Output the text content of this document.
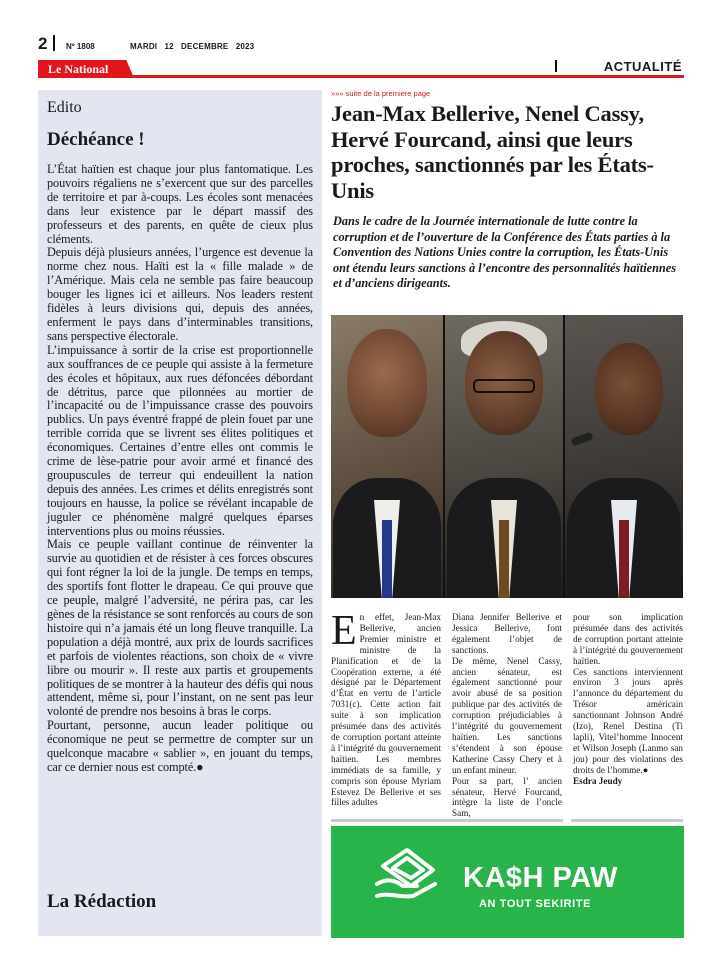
2 Nº 1808	MARDI   12   DECEMBRE   2023
Le National	ACTUALITÉ
Edito
Déchéance !

L’État haïtien est chaque jour plus fantomatique. Les pouvoirs régaliens ne s’exercent que sur des parcelles de territoire et par à-coups. Les écoles sont menacées dans leur existence par le départ massif des professeurs et des parents, en quête de cieux plus cléments.

Depuis déjà plusieurs années, l’urgence est devenue la norme chez nous. Haïti est la « fille malade » de l’Amérique. Mais cela ne semble pas faire beaucoup bouger les lignes ici et ailleurs. Nos leaders restent fidèles à leurs divisions qui, depuis des années, enferment le pays dans d’interminables transitions, sans perspective électorale.

L’impuissance à sortir de la crise est proportionnelle aux souffrances de ce peuple qui assiste à la fermeture des écoles et hôpitaux, aux rues défoncées débordant de détritus, parce que pilonnées au mortier de l’incapacité ou de l’impuissance crasse des pouvoirs publics. Un pays éventré frappé de plein fouet par une terrible corrida que se livrent ses élites politiques et économiques. Certaines d’entre elles ont commis le crime de lèse-patrie pour avoir armé et financé des groupuscules de terreur qui endeuillent la nation depuis des années. Les crimes et délits enregistrés sont toujours en hausse, la police se révélant incapable de juguler ce phénomène malgré quelques éparses interventions plus ou moins réussies.

Mais ce peuple vaillant continue de réinventer la survie au quotidien et de résister à ces forces obscures qui font régner la loi de la jungle. De temps en temps, des sportifs font flotter le drapeau. Ce qui prouve que ce peuple, malgré l’adversité, ne périra pas, car les gènes de la résistance se sont renforcés au cours de son histoire qui n’a jamais été un long fleuve tranquille. La population a déjà montré, aux prix de lourds sacrifices et parfois de violentes réactions, son choix de « vivre libre ou mourir ». Il reste aux partis et groupements politiques de se montrer à la hauteur des défis qui nous attendent, même si, pour l’instant, on ne sent pas leur volonté de prendre nos besoins à bras le corps.

Pourtant, personne, aucun leader politique ou économique ne peut se permettre de compter sur un quelconque macabre « sablier », en jouant du temps, car ce dernier nous est compté.●

La Rédaction
»»» suite de la premiere page
Jean-Max Bellerive, Nenel Cassy, Hervé Fourcand, ainsi que leurs proches, sanctionnés par les États-Unis
Dans le cadre de la Journée internationale de lutte contre la corruption et de l’ouverture de la Conférence des États parties à la Convention des Nations Unies contre la corruption, les États-Unis ont étendu leurs sanctions à l’encontre des personnalités haïtiennes et d’anciens dirigeants.

En effet, Jean-Max Bellerive, ancien Premier ministre et ministre de la Planification et de la Coopération externe, a été désigné par le Département d’État en vertu de l’article 7031(c). Cette action fait suite à son implication présumée dans des activités de corruption portant atteinte à l’intégrité du gouvernement haïtien. Les membres immédiats de sa famille, y compris son épouse Myriam Estevez De Bellerive et ses filles adultes

Diana Jennifer Bellerive et Jessica Bellerive, font également l’objet de sanctions.

De même, Nenel Cassy, ancien sénateur, est également sanctionné pour avoir abusé de sa position publique par des activités de corruption préjudiciables à l’intégrité du gouvernement haïtien. Les sanctions s’étendent à son épouse Katherine Cassy Chery et à un enfant mineur.

Pour sa part, l’ ancien sénateur, Hervé Fourcand, intègre la liste de l’oncle Sam,

pour son implication présumée dans des activités de corruption portant atteinte à l’intégrité du gouvernement haïtien.

Ces sanctions interviennent environ 3 jours après l’annonce du département du Trésor américain sanctionnant Johnson André (Izo), Renel Destina (Ti lapli), Vitel’homme Innocent et Wilson Joseph (Lanmo san jou) pour des violations des droits de l’homme.●

Esdra Jeudy

KA$H PAW
AN TOUT SEKIRITE
